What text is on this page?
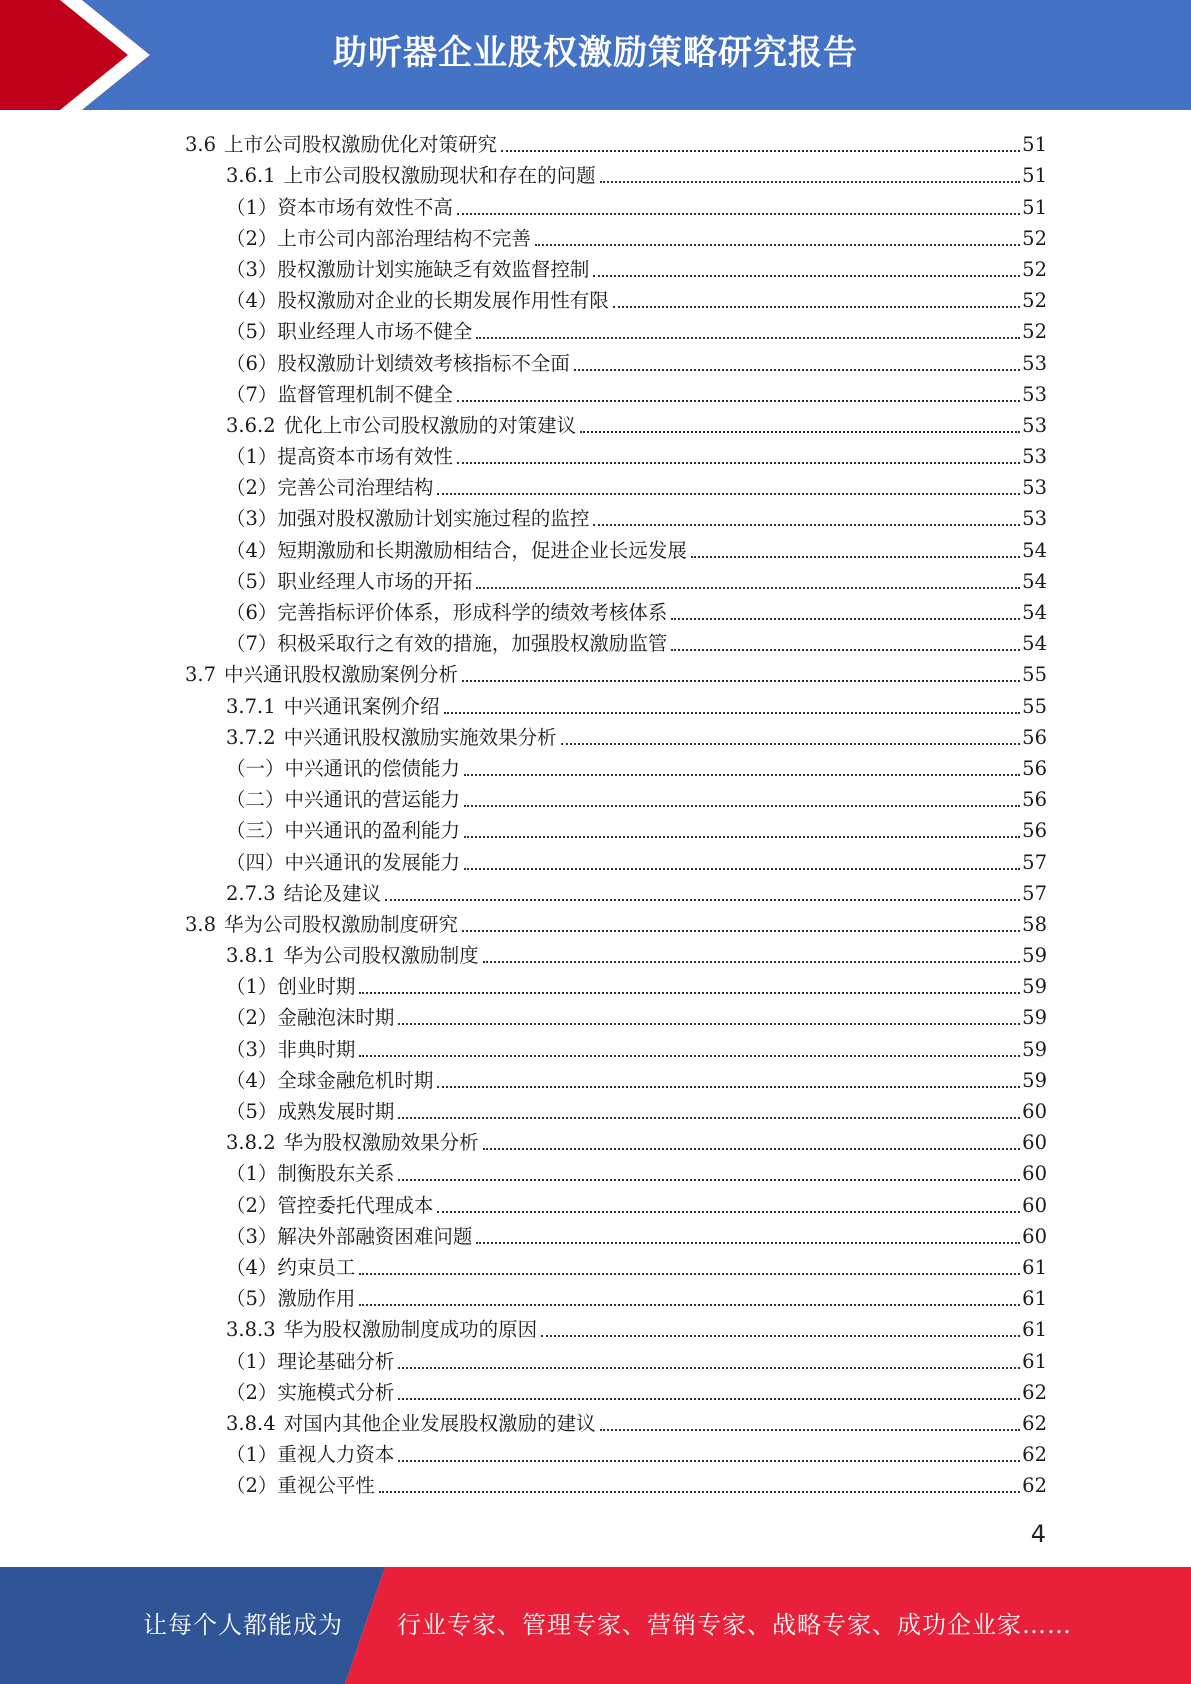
助听器企业股权激励策略研究报告
3.6 上市公司股权激励优化对策研究	51
3.6.1 上市公司股权激励现状和存在的问题	51
（1）资本市场有效性不高	51
（2）上市公司内部治理结构不完善	52
（3）股权激励计划实施缺乏有效监督控制	52
（4）股权激励对企业的长期发展作用性有限	52
（5）职业经理人市场不健全	52
（6）股权激励计划绩效考核指标不全面	53
（7）监督管理机制不健全	53
3.6.2 优化上市公司股权激励的对策建议	53
（1）提高资本市场有效性	53
（2）完善公司治理结构	53
（3）加强对股权激励计划实施过程的监控	53
（4）短期激励和长期激励相结合，促进企业长远发展	54
（5）职业经理人市场的开拓	54
（6）完善指标评价体系，形成科学的绩效考核体系	54
（7）积极采取行之有效的措施，加强股权激励监管	54
3.7 中兴通讯股权激励案例分析	55
3.7.1 中兴通讯案例介绍	55
3.7.2 中兴通讯股权激励实施效果分析	56
（一）中兴通讯的偿债能力	56
（二）中兴通讯的营运能力	56
（三）中兴通讯的盈利能力	56
（四）中兴通讯的发展能力	57
2.7.3 结论及建议	57
3.8 华为公司股权激励制度研究	58
3.8.1 华为公司股权激励制度	59
（1）创业时期	59
（2）金融泡沫时期	59
（3）非典时期	59
（4）全球金融危机时期	59
（5）成熟发展时期	60
3.8.2 华为股权激励效果分析	60
（1）制衡股东关系	60
（2）管控委托代理成本	60
（3）解决外部融资困难问题	60
（4）约束员工	61
（5）激励作用	61
3.8.3 华为股权激励制度成功的原因	61
（1）理论基础分析	61
（2）实施模式分析	62
3.8.4 对国内其他企业发展股权激励的建议	62
（1）重视人力资本	62
（2）重视公平性	62
4
让每个人都能成为 行业专家、管理专家、营销专家、战略专家、成功企业家……
